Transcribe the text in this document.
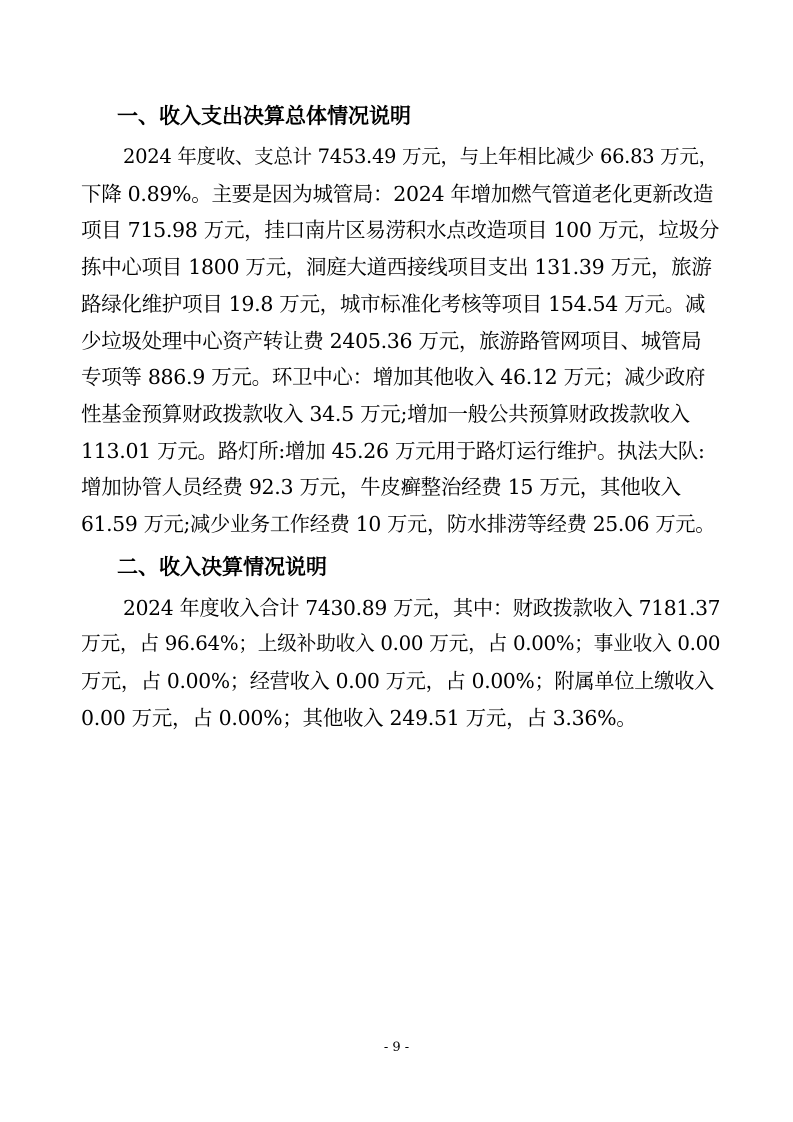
一、收入支出决算总体情况说明
2024 年度收、支总计 7453.49 万元，与上年相比减少 66.83 万元，
下降 0.89%。主要是因为城管局：2024 年增加燃气管道老化更新改造
项目 715.98 万元，挂口南片区易涝积水点改造项目 100 万元，垃圾分
拣中心项目 1800 万元，洞庭大道西接线项目支出 131.39 万元，旅游
路绿化维护项目 19.8 万元，城市标准化考核等项目 154.54 万元。减
少垃圾处理中心资产转让费 2405.36 万元，旅游路管网项目、城管局
专项等 886.9 万元。环卫中心：增加其他收入 46.12 万元；减少政府
性基金预算财政拨款收入 34.5 万元;增加一般公共预算财政拨款收入
113.01 万元。路灯所:增加 45.26 万元用于路灯运行维护。执法大队:
增加协管人员经费 92.3 万元，牛皮癣整治经费 15 万元，其他收入
61.59 万元;减少业务工作经费 10 万元，防水排涝等经费 25.06 万元。
二、收入决算情况说明
2024 年度收入合计 7430.89 万元，其中：财政拨款收入 7181.37
万元，占 96.64%；上级补助收入 0.00 万元，占 0.00%；事业收入 0.00
万元，占 0.00%；经营收入 0.00 万元，占 0.00%；附属单位上缴收入
0.00 万元，占 0.00%；其他收入 249.51 万元，占 3.36%。
- 9 -
